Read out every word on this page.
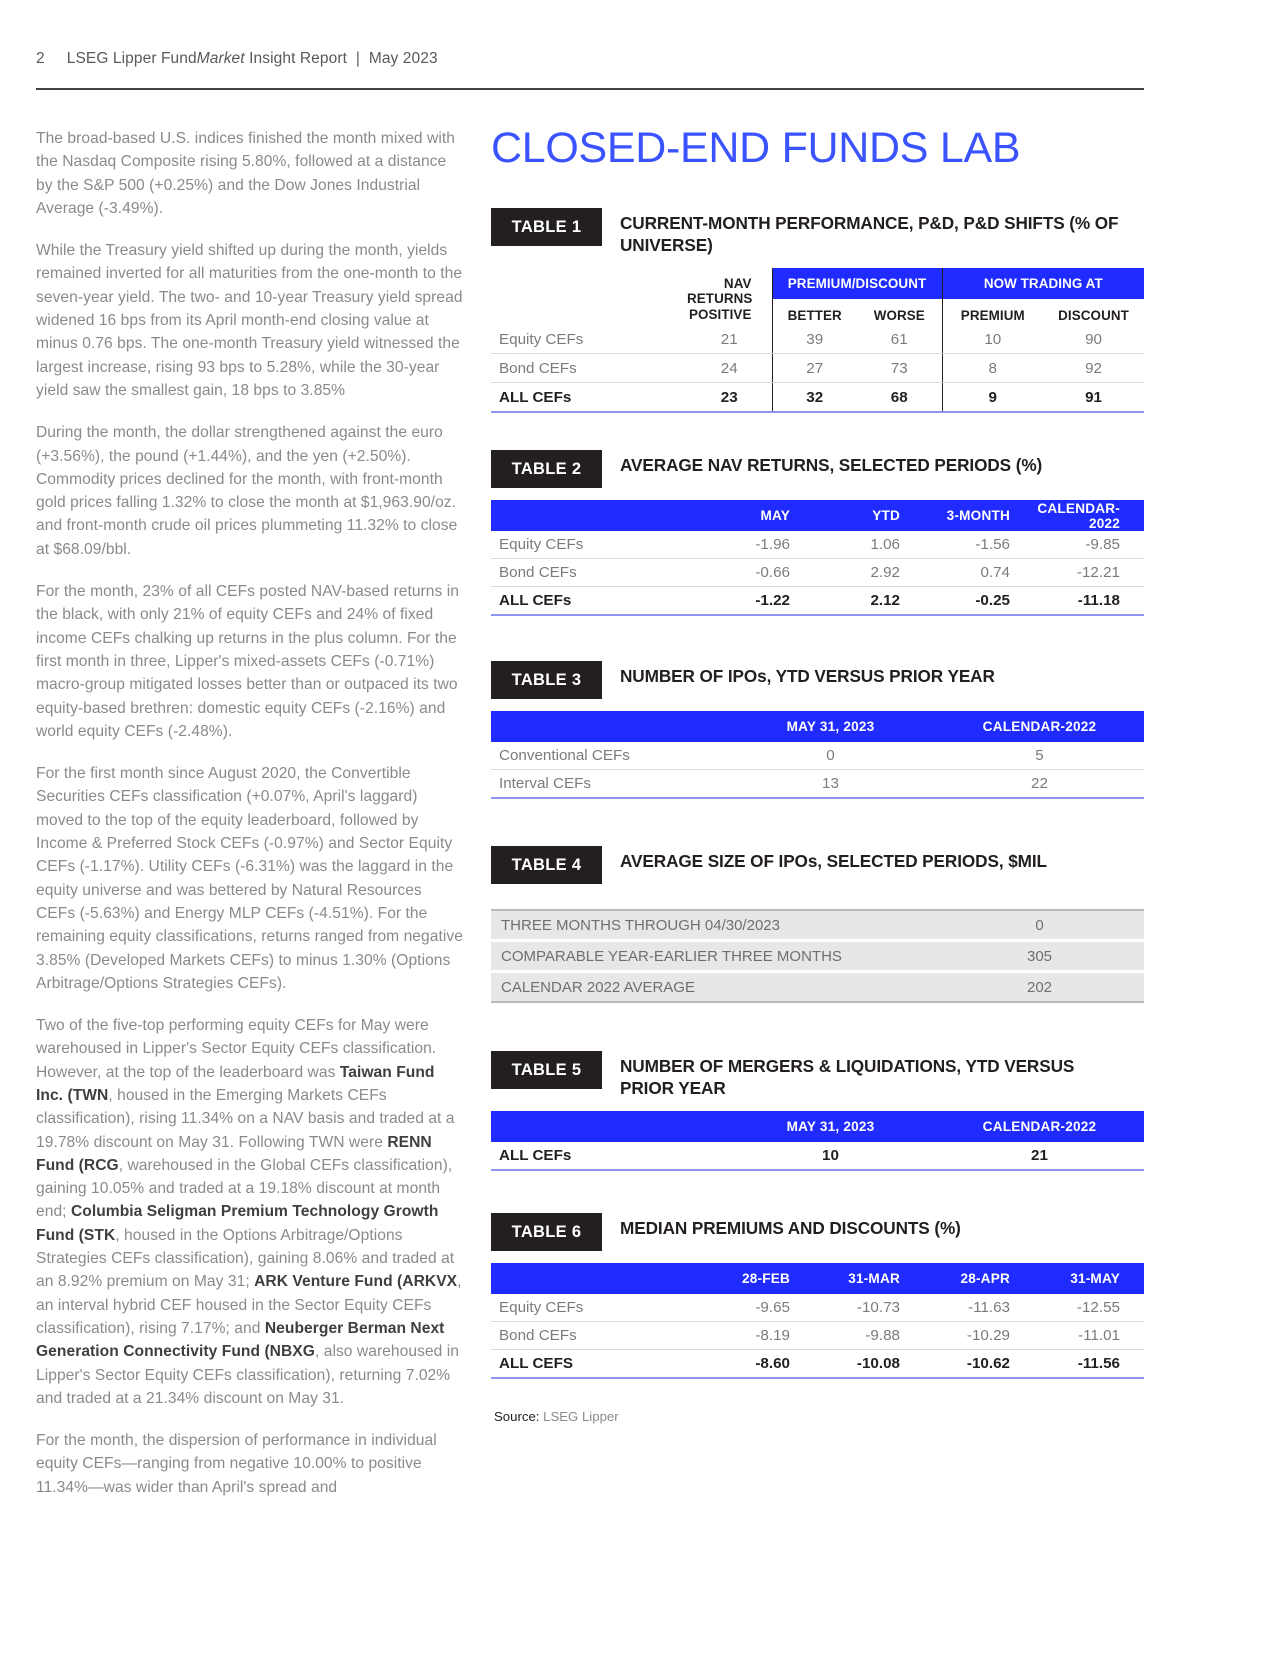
2 LSEG Lipper FundMarket Insight Report | May 2023

The broad-based U.S. indices finished the month mixed with the Nasdaq Composite rising 5.80%, followed at a distance by the S&P 500 (+0.25%) and the Dow Jones Industrial Average (-3.49%).

While the Treasury yield shifted up during the month, yields remained inverted for all maturities from the one-month to the seven-year yield. The two- and 10-year Treasury yield spread widened 16 bps from its April month-end closing value at minus 0.76 bps. The one-month Treasury yield witnessed the largest increase, rising 93 bps to 5.28%, while the 30-year yield saw the smallest gain, 18 bps to 3.85%

During the month, the dollar strengthened against the euro (+3.56%), the pound (+1.44%), and the yen (+2.50%). Commodity prices declined for the month, with front-month gold prices falling 1.32% to close the month at $1,963.90/oz. and front-month crude oil prices plummeting 11.32% to close at $68.09/bbl.

For the month, 23% of all CEFs posted NAV-based returns in the black, with only 21% of equity CEFs and 24% of fixed income CEFs chalking up returns in the plus column. For the first month in three, Lipper's mixed-assets CEFs (-0.71%) macro-group mitigated losses better than or outpaced its two equity-based brethren: domestic equity CEFs (-2.16%) and world equity CEFs (-2.48%).

For the first month since August 2020, the Convertible Securities CEFs classification (+0.07%, April's laggard) moved to the top of the equity leaderboard, followed by Income & Preferred Stock CEFs (-0.97%) and Sector Equity CEFs (-1.17%). Utility CEFs (-6.31%) was the laggard in the equity universe and was bettered by Natural Resources CEFs (-5.63%) and Energy MLP CEFs (-4.51%). For the remaining equity classifications, returns ranged from negative 3.85% (Developed Markets CEFs) to minus 1.30% (Options Arbitrage/Options Strategies CEFs).

Two of the five-top performing equity CEFs for May were warehoused in Lipper's Sector Equity CEFs classification. However, at the top of the leaderboard was Taiwan Fund Inc. (TWN, housed in the Emerging Markets CEFs classification), rising 11.34% on a NAV basis and traded at a 19.78% discount on May 31. Following TWN were RENN Fund (RCG, warehoused in the Global CEFs classification), gaining 10.05% and traded at a 19.18% discount at month end; Columbia Seligman Premium Technology Growth Fund (STK, housed in the Options Arbitrage/Options Strategies CEFs classification), gaining 8.06% and traded at an 8.92% premium on May 31; ARK Venture Fund (ARKVX, an interval hybrid CEF housed in the Sector Equity CEFs classification), rising 7.17%; and Neuberger Berman Next Generation Connectivity Fund (NBXG, also warehoused in Lipper's Sector Equity CEFs classification), returning 7.02% and traded at a 21.34% discount on May 31.

For the month, the dispersion of performance in individual equity CEFs—ranging from negative 10.00% to positive 11.34%—was wider than April's spread and

CLOSED-END FUNDS LAB
TABLE 1	CURRENT-MONTH PERFORMANCE, P&D, P&D SHIFTS (% OF UNIVERSE)
	NAV
RETURNS
POSITIVE	PREMIUM/DISCOUNT		NOW TRADING AT	
		BETTER	WORSE	PREMIUM	DISCOUNT
Equity CEFs	21	39	61	10	90
Bond CEFs	24	27	73	8	92
ALL CEFs	23	32	68	9	91
TABLE 2	AVERAGE NAV RETURNS, SELECTED PERIODS (%)
	MAY	YTD	3-MONTH	CALENDAR-2022
Equity CEFs	-1.96	1.06	-1.56	-9.85
Bond CEFs	-0.66	2.92	0.74	-12.21
ALL CEFs	-1.22	2.12	-0.25	-11.18
TABLE 3	NUMBER OF IPOs, YTD VERSUS PRIOR YEAR
	MAY 31, 2023	CALENDAR-2022
Conventional CEFs	0	5
Interval CEFs	13	22
TABLE 4	AVERAGE SIZE OF IPOs, SELECTED PERIODS, $MIL
THREE MONTHS THROUGH 04/30/2023	0
COMPARABLE YEAR-EARLIER THREE MONTHS	305
CALENDAR 2022 AVERAGE	202
TABLE 5	NUMBER OF MERGERS & LIQUIDATIONS, YTD VERSUS PRIOR YEAR
	MAY 31, 2023	CALENDAR-2022
ALL CEFs	10	21
TABLE 6	MEDIAN PREMIUMS AND DISCOUNTS (%)
	28-FEB	31-MAR	28-APR	31-MAY
Equity CEFs	-9.65	-10.73	-11.63	-12.55
Bond CEFs	-8.19	-9.88	-10.29	-11.01
ALL CEFS	-8.60	-10.08	-10.62	-11.56
Source: LSEG Lipper
